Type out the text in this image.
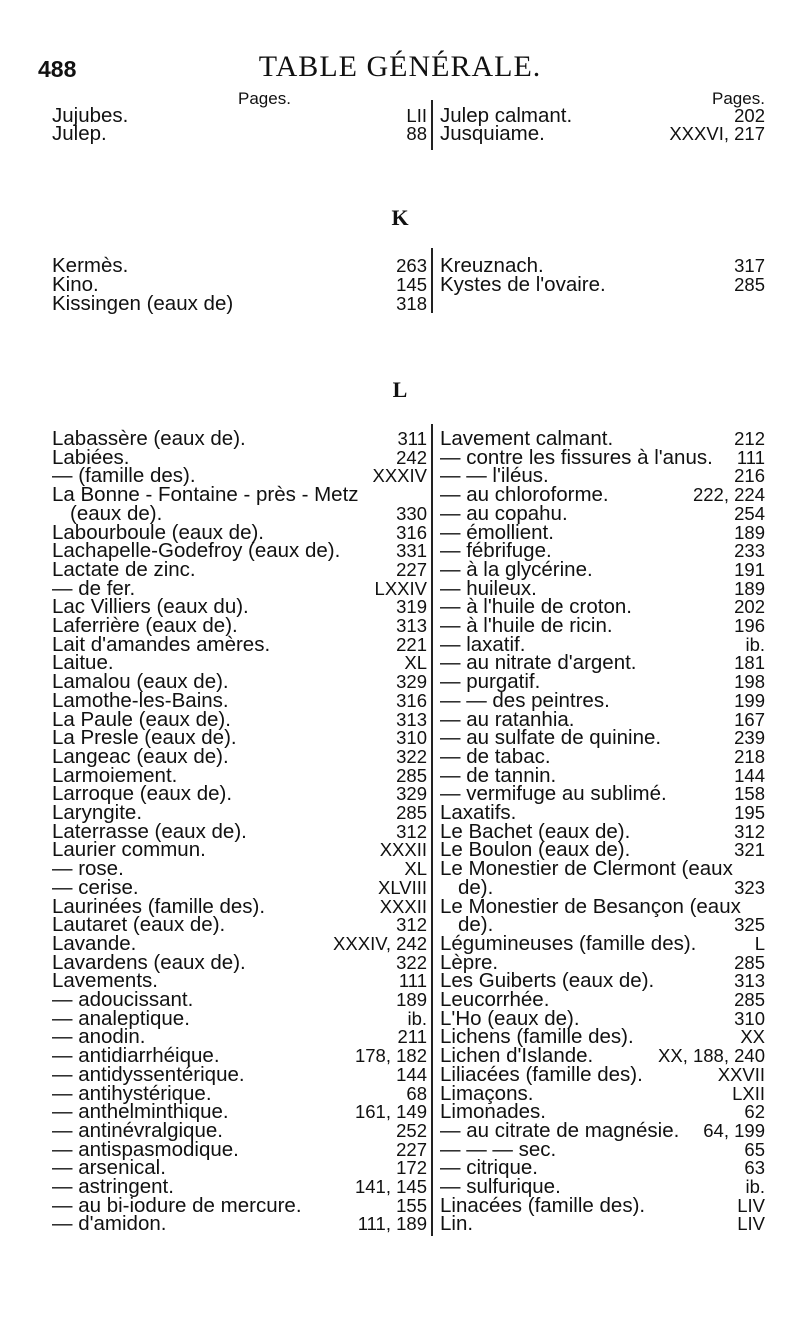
488	TABLE GÉNÉRALE.
Pages.	Pages.
Jujubes.	LII
Julep.	88
Julep calmant.	202
Jusquiame.	XXXVI, 217
K
Kermès.	263
Kino.	145
Kissingen (eaux de)	318
Kreuznach.	317
Kystes de l'ovaire.	285
L
Labassère (eaux de).	311
Labiées.	242
— (famille des).	XXXIV
La Bonne - Fontaine - près - Metz
(eaux de).	330
Labourboule (eaux de).	316
Lachapelle-Godefroy (eaux de).	331
Lactate de zinc.	227
— de fer.	LXXIV
Lac Villiers (eaux du).	319
Laferrière (eaux de).	313
Lait d'amandes amères.	221
Laitue.	XL
Lamalou (eaux de).	329
Lamothe-les-Bains.	316
La Paule (eaux de).	313
La Presle (eaux de).	310
Langeac (eaux de).	322
Larmoiement.	285
Larroque (eaux de).	329
Laryngite.	285
Laterrasse (eaux de).	312
Laurier commun.	XXXII
— rose.	XL
— cerise.	XLVIII
Laurinées (famille des).	XXXII
Lautaret (eaux de).	312
Lavande.	XXXIV, 242
Lavardens (eaux de).	322
Lavements.	111
— adoucissant.	189
— analeptique.	ib.
— anodin.	211
— antidiarrhéique.	178, 182
— antidyssentérique.	144
— antihystérique.	68
— anthelminthique.	161, 149
— antinévralgique.	252
— antispasmodique.	227
— arsenical.	172
— astringent.	141, 145
— au bi-iodure de mercure.	155
— d'amidon.	111, 189
Lavement calmant.	212
— contre les fissures à l'anus. 111
— — l'iléus.	216
— au chloroforme.	222, 224
— au copahu.	254
— émollient.	189
— fébrifuge.	233
— à la glycérine.	191
— huileux.	189
— à l'huile de croton.	202
— à l'huile de ricin.	196
— laxatif.	ib.
— au nitrate d'argent.	181
— purgatif.	198
— — des peintres.	199
— au ratanhia.	167
— au sulfate de quinine.	239
— de tabac.	218
— de tannin.	144
— vermifuge au sublimé.	158
Laxatifs.	195
Le Bachet (eaux de).	312
Le Boulon (eaux de).	321
Le Monestier de Clermont (eaux
de).	323
Le Monestier de Besançon (eaux
de).	325
Légumineuses (famille des).	L
Lèpre.	285
Les Guiberts (eaux de).	313
Leucorrhée.	285
L'Ho (eaux de).	310
Lichens (famille des).	XX
Lichen d'Islande.	XX, 188, 240
Liliacées (famille des).	XXVII
Limaçons.	LXII
Limonades.	62
— au citrate de magnésie. 64, 199
— — — sec.	65
— citrique.	63
— sulfurique.	ib.
Linacées (famille des).	LIV
Lin.	LIV
